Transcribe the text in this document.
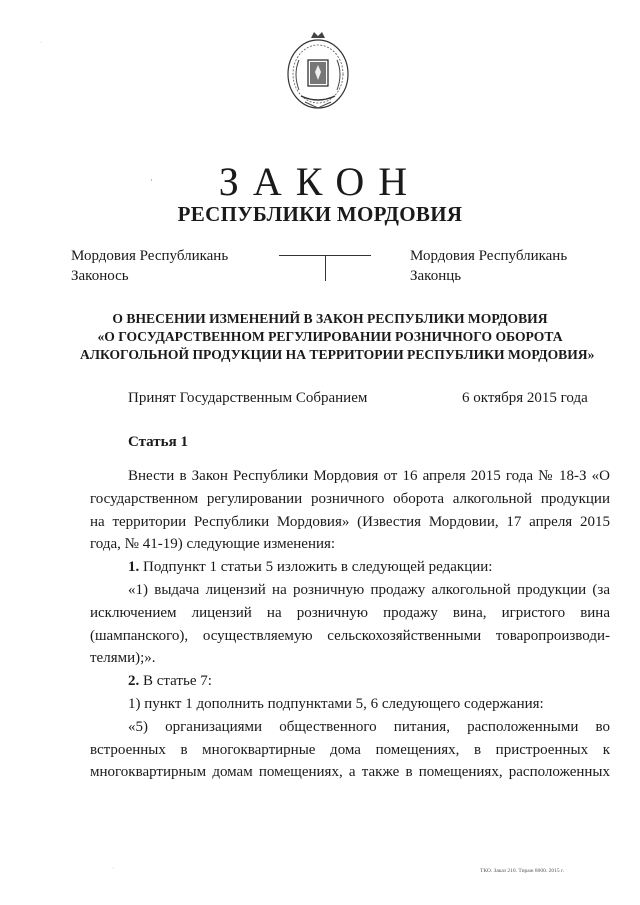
ЗАКОН
РЕСПУБЛИКИ МОРДОВИЯ
Мордовия Республикань
Законось
Мордовия Республикань
Законць
О ВНЕСЕНИИ ИЗМЕНЕНИЙ В ЗАКОН РЕСПУБЛИКИ МОРДОВИЯ
«О ГОСУДАРСТВЕННОМ РЕГУЛИРОВАНИИ РОЗНИЧНОГО ОБОРОТА
АЛКОГОЛЬНОЙ ПРОДУКЦИИ НА ТЕРРИТОРИИ РЕСПУБЛИКИ МОРДОВИЯ»
Принят Государственным Собранием	6 октября 2015 года
Статья 1
Внести в Закон Республики Мордовия от 16 апреля 2015 года № 18-З «О
государственном регулировании розничного оборота алкогольной продукции
на территории Республики Мордовия» (Известия Мордовии, 17 апреля 2015
года, № 41-19) следующие изменения:
1. Подпункт 1 статьи 5 изложить в следующей редакции:
«1) выдача лицензий на розничную продажу алкогольной продукции (за
исключением лицензий на розничную продажу вина, игристого вина
(шампанского), осуществляемую сельскохозяйственными товаропроизводи-
телями);».
2. В статье 7:
1) пункт 1 дополнить подпунктами 5, 6 следующего содержания:
«5) организациями общественного питания, расположенными во
встроенных в многоквартирные дома помещениях, в пристроенных к
многоквартирным домам помещениях, а также в помещениях, расположенных
ТКО. Заказ 210. Тираж 8000. 2015 г.
·
·
·
